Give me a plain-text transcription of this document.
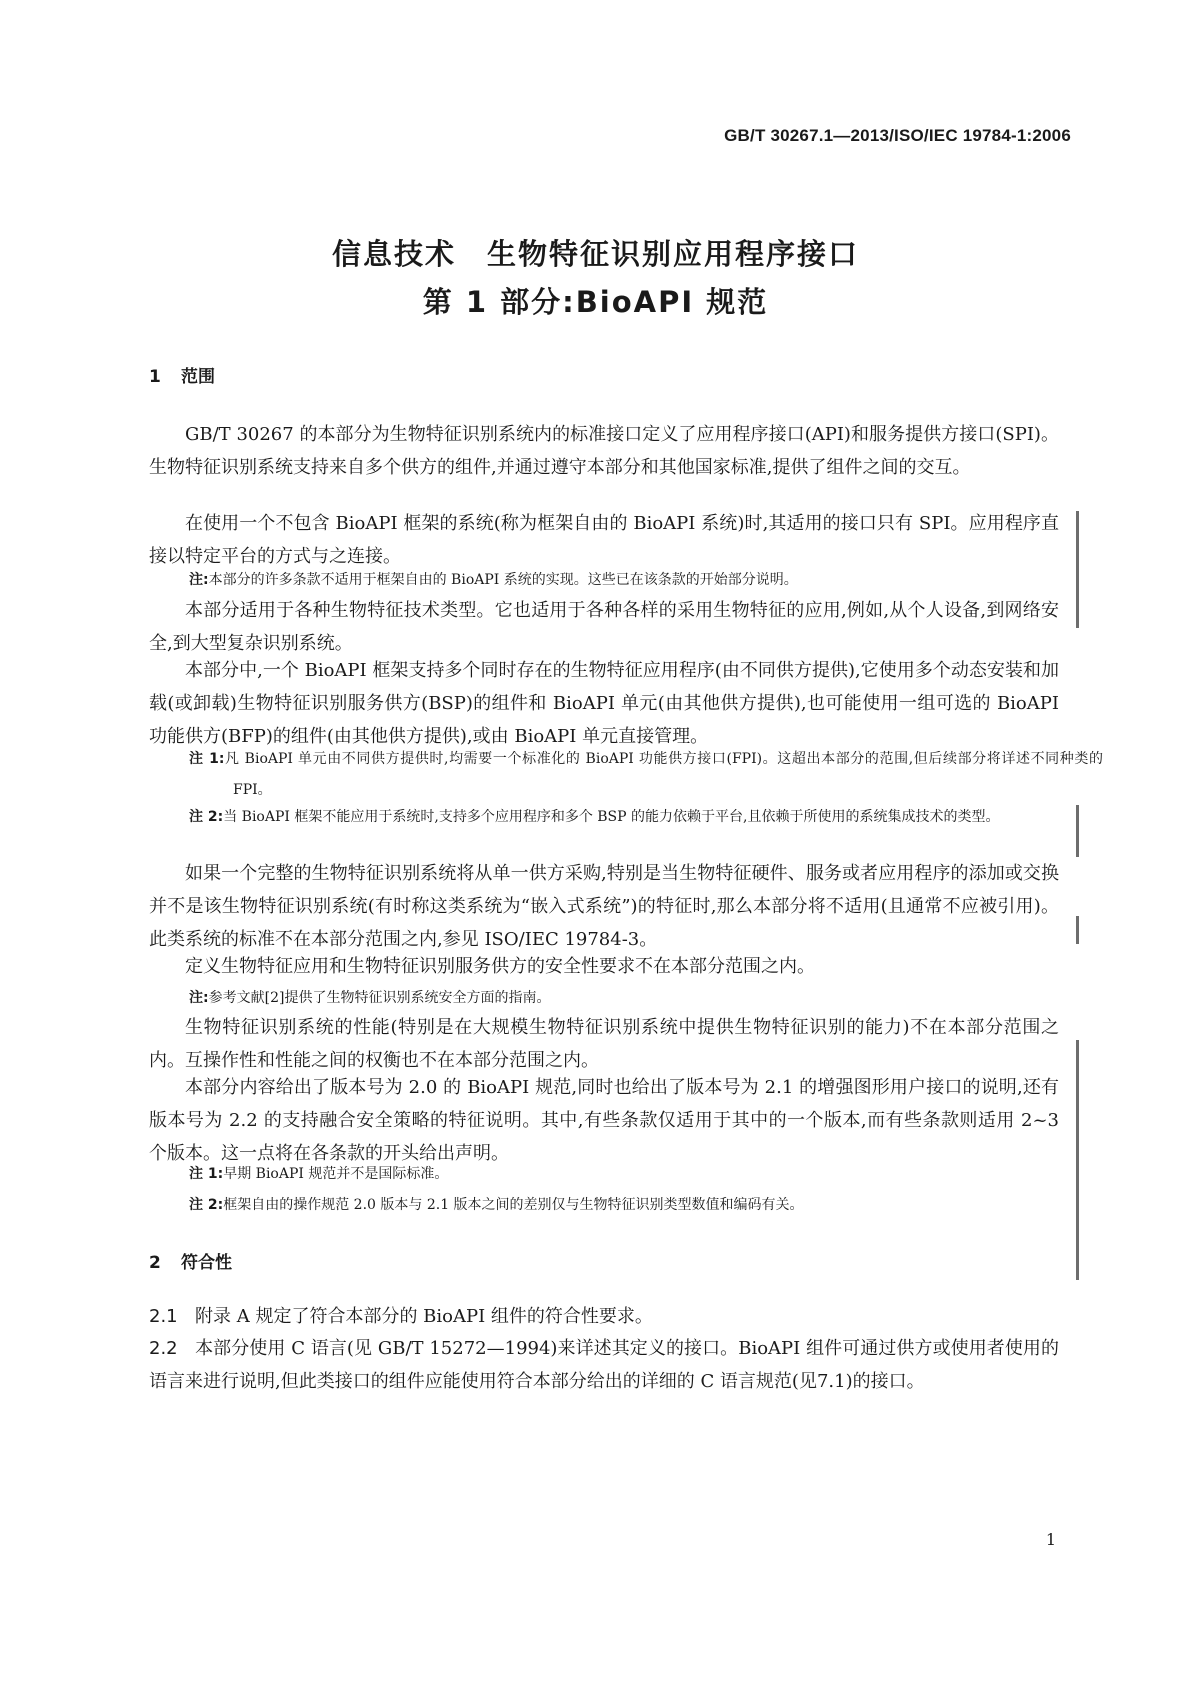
GB/T 30267.1—2013/ISO/IEC 19784-1:2006
信息技术　生物特征识别应用程序接口
第 1 部分:BioAPI 规范
1 范围

GB/T 30267 的本部分为生物特征识别系统内的标准接口定义了应用程序接口(API)和服务提供方接口(SPI)。生物特征识别系统支持来自多个供方的组件,并通过遵守本部分和其他国家标准,提供了组件之间的交互。

在使用一个不包含 BioAPI 框架的系统(称为框架自由的 BioAPI 系统)时,其适用的接口只有 SPI。应用程序直接以特定平台的方式与之连接。

注:本部分的许多条款不适用于框架自由的 BioAPI 系统的实现。这些已在该条款的开始部分说明。

本部分适用于各种生物特征技术类型。它也适用于各种各样的采用生物特征的应用,例如,从个人设备,到网络安全,到大型复杂识别系统。

本部分中,一个 BioAPI 框架支持多个同时存在的生物特征应用程序(由不同供方提供),它使用多个动态安装和加载(或卸载)生物特征识别服务供方(BSP)的组件和 BioAPI 单元(由其他供方提供),也可能使用一组可选的 BioAPI 功能供方(BFP)的组件(由其他供方提供),或由 BioAPI 单元直接管理。

注 1:凡 BioAPI 单元由不同供方提供时,均需要一个标准化的 BioAPI 功能供方接口(FPI)。这超出本部分的范围,但后续部分将详述不同种类的 FPI。
注 2:当 BioAPI 框架不能应用于系统时,支持多个应用程序和多个 BSP 的能力依赖于平台,且依赖于所使用的系统集成技术的类型。

如果一个完整的生物特征识别系统将从单一供方采购,特别是当生物特征硬件、服务或者应用程序的添加或交换并不是该生物特征识别系统(有时称这类系统为“嵌入式系统”)的特征时,那么本部分将不适用(且通常不应被引用)。此类系统的标准不在本部分范围之内,参见 ISO/IEC 19784-3。

定义生物特征应用和生物特征识别服务供方的安全性要求不在本部分范围之内。

注:参考文献[2]提供了生物特征识别系统安全方面的指南。

生物特征识别系统的性能(特别是在大规模生物特征识别系统中提供生物特征识别的能力)不在本部分范围之内。互操作性和性能之间的权衡也不在本部分范围之内。

本部分内容给出了版本号为 2.0 的 BioAPI 规范,同时也给出了版本号为 2.1 的增强图形用户接口的说明,还有版本号为 2.2 的支持融合安全策略的特征说明。其中,有些条款仅适用于其中的一个版本,而有些条款则适用 2~3 个版本。这一点将在各条款的开头给出声明。

注 1:早期 BioAPI 规范并不是国际标准。
注 2:框架自由的操作规范 2.0 版本与 2.1 版本之间的差别仅与生物特征识别类型数值和编码有关。
2 符合性
2.1 附录 A 规定了符合本部分的 BioAPI 组件的符合性要求。
2.2 本部分使用 C 语言(见 GB/T 15272—1994)来详述其定义的接口。BioAPI 组件可通过供方或使用者使用的语言来进行说明,但此类接口的组件应能使用符合本部分给出的详细的 C 语言规范(见7.1)的接口。
1
